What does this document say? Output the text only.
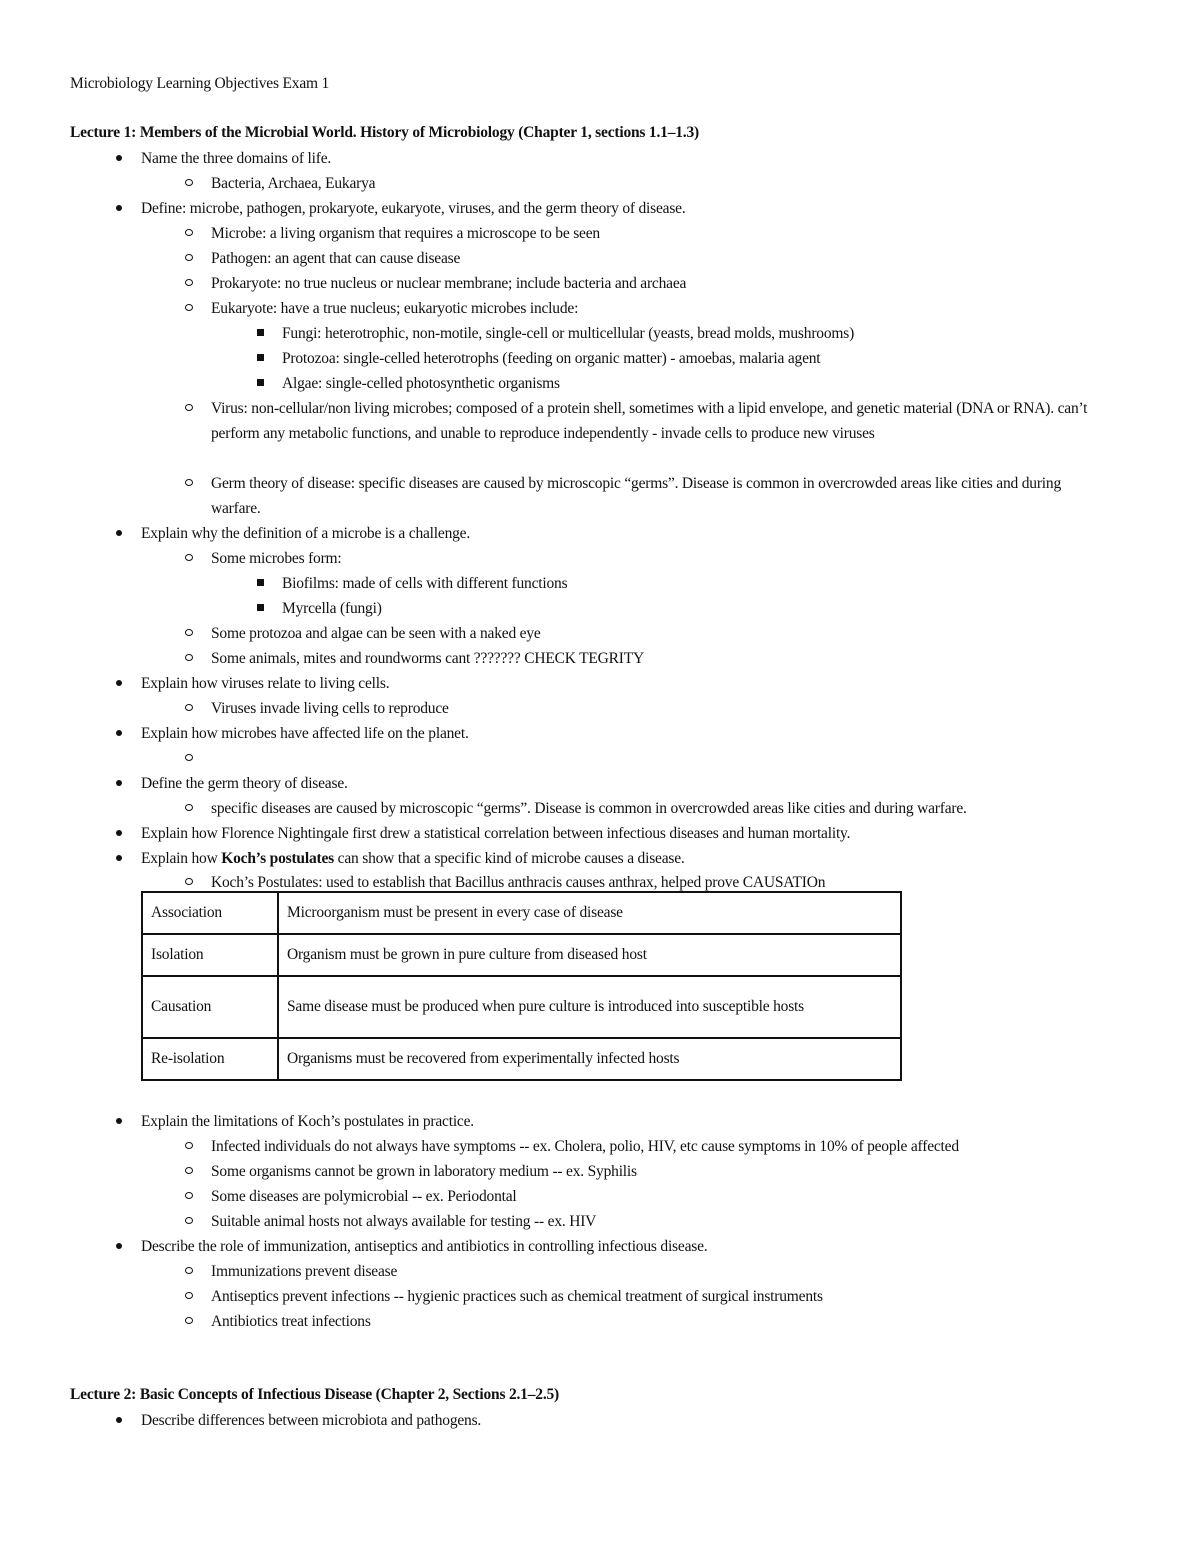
Microbiology Learning Objectives Exam 1
Lecture 1: Members of the Microbial World. History of Microbiology (Chapter 1, sections 1.1–1.3)
Name the three domains of life.
Bacteria, Archaea, Eukarya
Define: microbe, pathogen, prokaryote, eukaryote, viruses, and the germ theory of disease.
Microbe: a living organism that requires a microscope to be seen
Pathogen: an agent that can cause disease
Prokaryote: no true nucleus or nuclear membrane; include bacteria and archaea
Eukaryote: have a true nucleus; eukaryotic microbes include:
Fungi: heterotrophic, non-motile, single-cell or multicellular (yeasts, bread molds, mushrooms)
Protozoa: single-celled heterotrophs (feeding on organic matter) - amoebas, malaria agent
Algae: single-celled photosynthetic organisms
Virus: non-cellular/non living microbes; composed of a protein shell, sometimes with a lipid envelope, and genetic material (DNA or RNA). can’t perform any metabolic functions, and unable to reproduce independently - invade cells to produce new viruses
Germ theory of disease: specific diseases are caused by microscopic “germs”. Disease is common in overcrowded areas like cities and during warfare.
Explain why the definition of a microbe is a challenge.
Some microbes form:
Biofilms: made of cells with different functions
Myrcella (fungi)
Some protozoa and algae can be seen with a naked eye
Some animals, mites and roundworms cant ??????? CHECK TEGRITY
Explain how viruses relate to living cells.
Viruses invade living cells to reproduce
Explain how microbes have affected life on the planet.
Define the germ theory of disease.
specific diseases are caused by microscopic “germs”. Disease is common in overcrowded areas like cities and during warfare.
Explain how Florence Nightingale first drew a statistical correlation between infectious diseases and human mortality.
Explain how Koch’s postulates can show that a specific kind of microbe causes a disease.
Koch’s Postulates: used to establish that Bacillus anthracis causes anthrax, helped prove CAUSATIOn
Association	Microorganism must be present in every case of disease
Isolation	Organism must be grown in pure culture from diseased host
Causation	Same disease must be produced when pure culture is introduced into susceptible hosts
Re-isolation	Organisms must be recovered from experimentally infected hosts
Explain the limitations of Koch’s postulates in practice.
Infected individuals do not always have symptoms -- ex. Cholera, polio, HIV, etc cause symptoms in 10% of people affected
Some organisms cannot be grown in laboratory medium -- ex. Syphilis
Some diseases are polymicrobial -- ex. Periodontal
Suitable animal hosts not always available for testing -- ex. HIV
Describe the role of immunization, antiseptics and antibiotics in controlling infectious disease.
Immunizations prevent disease
Antiseptics prevent infections -- hygienic practices such as chemical treatment of surgical instruments
Antibiotics treat infections
Lecture 2: Basic Concepts of Infectious Disease (Chapter 2, Sections 2.1–2.5)
Describe differences between microbiota and pathogens.
